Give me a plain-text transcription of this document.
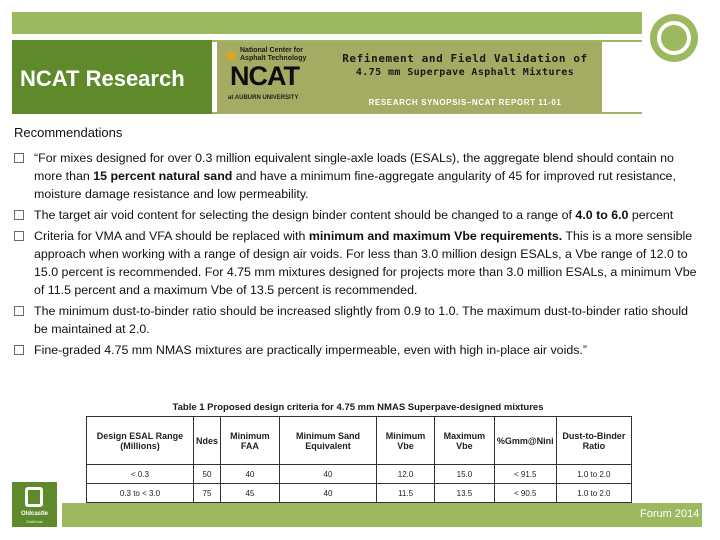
NCAT Research
National Center for
Asphalt Technology
NCAT
at AUBURN UNIVERSITY
Refinement and Field Validation of
4.75 mm Superpave Asphalt Mixtures
RESEARCH SYNOPSIS–NCAT REPORT 11-01
Recommendations
“For mixes designed for over 0.3 million equivalent single-axle loads (ESALs), the aggregate blend should contain no more than 15 percent natural sand and have a minimum fine-aggregate angularity of 45 for improved rut resistance, moisture damage resistance and low permeability.
The target air void content for selecting the design binder content should be changed to a range of 4.0 to 6.0 percent
Criteria for VMA and VFA should be replaced with minimum and maximum Vbe requirements. This is a more sensible approach when working with a range of design air voids. For less than 3.0 million design ESALs, a Vbe range of 12.0 to 15.0 percent is recommended. For 4.75 mm mixtures designed for projects more than 3.0 million ESALs, a minimum Vbe of 11.5 percent and a maximum Vbe of 13.5 percent is recommended.
The minimum dust-to-binder ratio should be increased slightly from 0.9 to 1.0. The maximum dust-to-binder ratio should be maintained at 2.0.
Fine-graded 4.75 mm NMAS mixtures are practically impermeable, even with high in-place air voids.”
Table 1 Proposed design criteria for 4.75 mm NMAS Superpave-designed mixtures
Design ESAL Range (Millions)	Ndes	Minimum FAA	Minimum Sand Equivalent	Minimum Vbe	Maximum Vbe	%Gmm@Nini	Dust-to-Binder Ratio
< 0.3	50	40	40	12.0	15.0	< 91.5	1.0 to 2.0
0.3 to < 3.0	75	45	40	11.5	13.5	< 90.5	1.0 to 2.0

Oldcastle
Materials
Forum 2014
